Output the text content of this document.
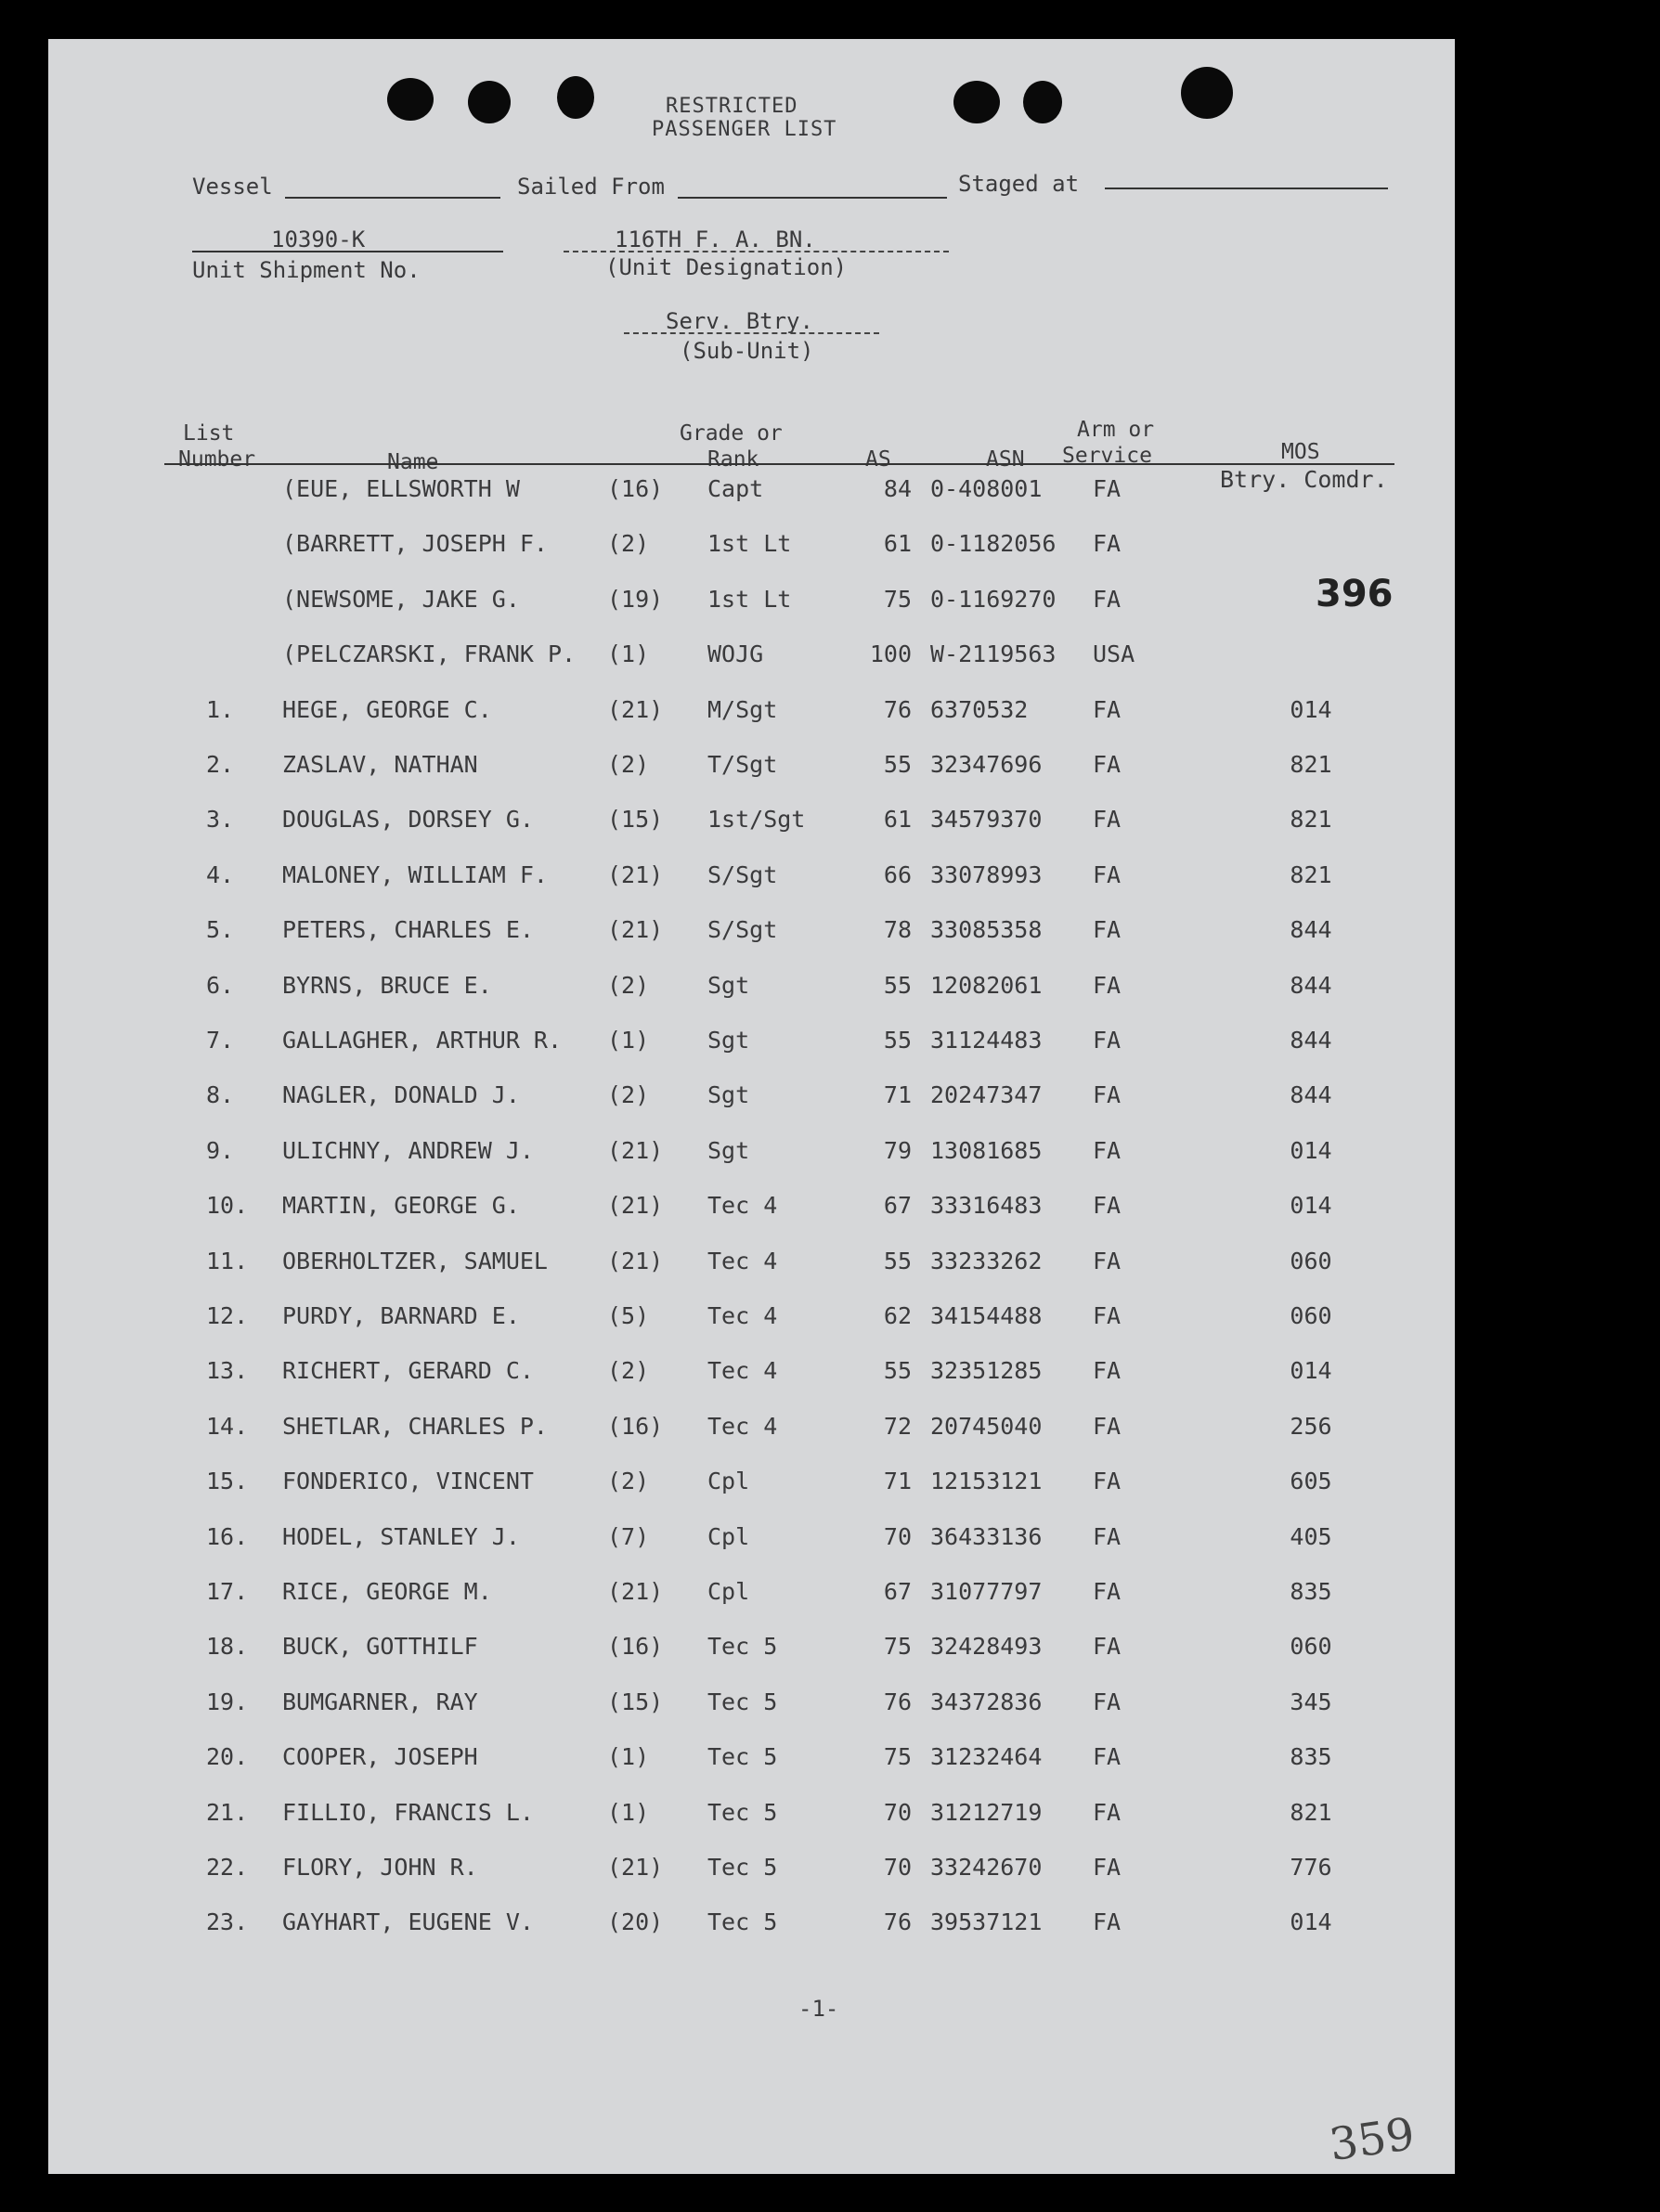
RESTRICTED
PASSENGER LIST
Vessel	Sailed From	Staged at
10390-K
Unit Shipment No.
116TH F. A. BN.
(Unit Designation)
Serv. Btry.
(Sub-Unit)
List
Number	Name
Grade or
Rank	AS	ASN
Arm or
Service	MOS
396
(EUE, ELLSWORTH W	(16) Capt	84 0-408001 FA	Btry. Comdr.
(BARRETT, JOSEPH F.	(2)	1st Lt	61 0-1182056 FA
(NEWSOME, JAKE G.	(19) 1st Lt	75 0-1169270 FA
(PELCZARSKI, FRANK P. (1)	WOJG	100 W-2119563 USA
1. HEGE, GEORGE C.	(21) M/Sgt	76 6370532	FA	014
2. ZASLAV, NATHAN	(2)	T/Sgt	55 32347696 FA	821
3. DOUGLAS, DORSEY G.	(15) 1st/Sgt	61 34579370 FA	821
4. MALONEY, WILLIAM F.	(21) S/Sgt	66 33078993 FA	821
5. PETERS, CHARLES E.	(21) S/Sgt	78 33085358 FA	844
6. BYRNS, BRUCE E.	(2)	Sgt	55 12082061 FA	844
7. GALLAGHER, ARTHUR R. (1)	Sgt	55 31124483 FA	844
8. NAGLER, DONALD J.	(2)	Sgt	71 20247347 FA	844
9. ULICHNY, ANDREW J.	(21) Sgt	79 13081685 FA	014
10. MARTIN, GEORGE G.	(21) Tec 4	67 33316483 FA	014
11. OBERHOLTZER, SAMUEL	(21) Tec 4	55 33233262 FA	060
12. PURDY, BARNARD E.	(5)	Tec 4	62 34154488 FA	060
13. RICHERT, GERARD C.	(2)	Tec 4	55 32351285 FA	014
14. SHETLAR, CHARLES P.	(16) Tec 4	72 20745040 FA	256
15. FONDERICO, VINCENT	(2)	Cpl	71 12153121 FA	605
16. HODEL, STANLEY J.	(7)	Cpl	70 36433136 FA	405
17. RICE, GEORGE M.	(21) Cpl	67 31077797 FA	835
18. BUCK, GOTTHILF	(16) Tec 5	75 32428493 FA	060
19. BUMGARNER, RAY	(15) Tec 5	76 34372836 FA	345
20. COOPER, JOSEPH	(1)	Tec 5	75 31232464 FA	835
21. FILLIO, FRANCIS L.	(1)	Tec 5	70 31212719 FA	821
22. FLORY, JOHN R.	(21) Tec 5	70 33242670 FA	776
23. GAYHART, EUGENE V.	(20) Tec 5	76 39537121 FA	014
-1-
359
